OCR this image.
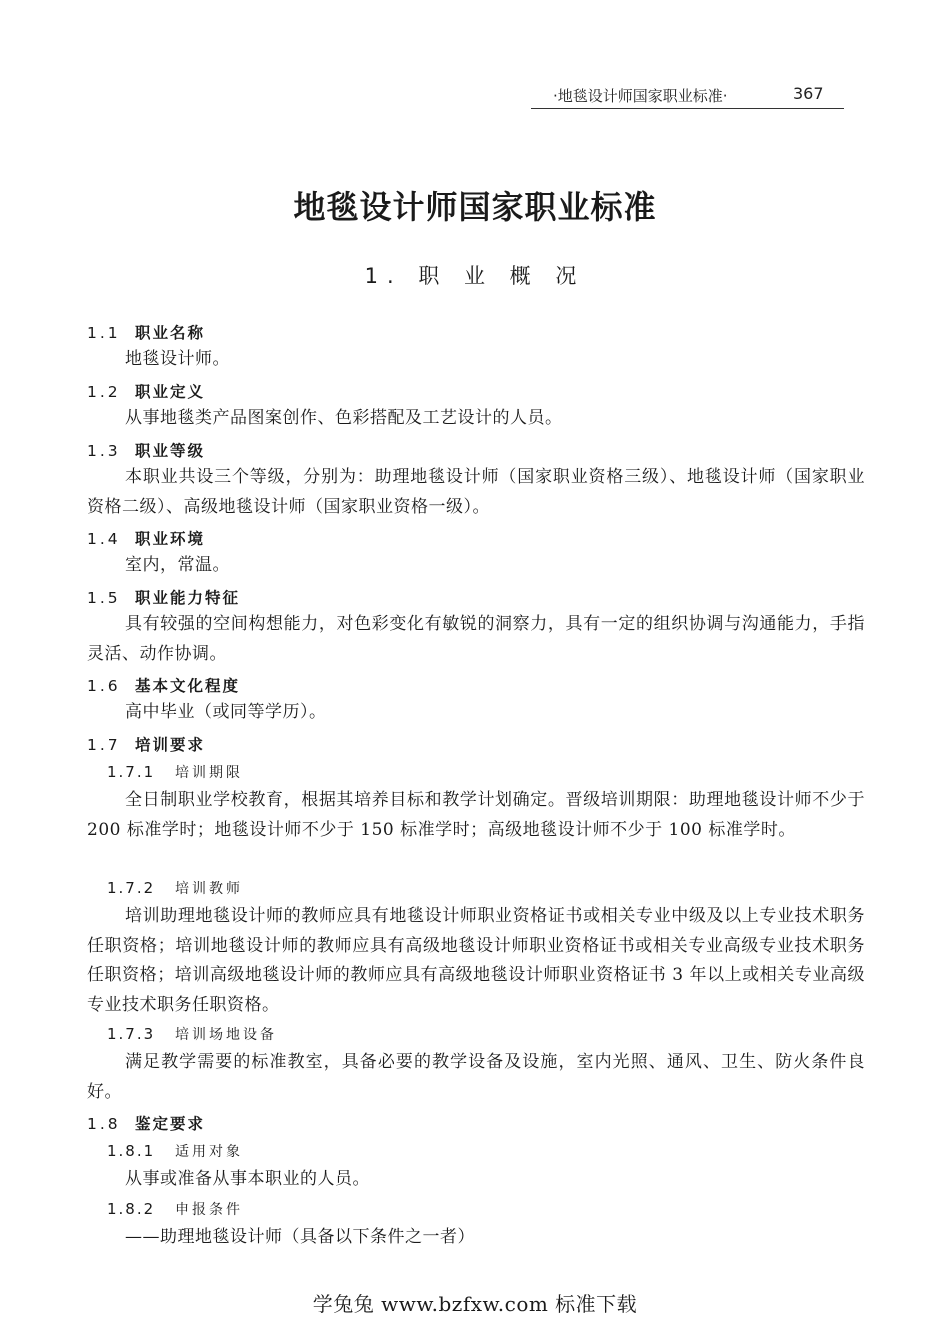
·地毯设计师国家职业标准·	367
地毯设计师国家职业标准
1. 职 业 概 况
1.1 职业名称
地毯设计师。
1.2 职业定义
从事地毯类产品图案创作、色彩搭配及工艺设计的人员。
1.3 职业等级
本职业共设三个等级，分别为：助理地毯设计师（国家职业资格三级）、地毯设计师（国家职业资格二级）、高级地毯设计师（国家职业资格一级）。
1.4 职业环境
室内，常温。
1.5 职业能力特征
具有较强的空间构想能力，对色彩变化有敏锐的洞察力，具有一定的组织协调与沟通能力，手指灵活、动作协调。
1.6 基本文化程度
高中毕业（或同等学历）。
1.7 培训要求
1.7.1 培训期限
全日制职业学校教育，根据其培养目标和教学计划确定。晋级培训期限：助理地毯设计师不少于 200 标准学时；地毯设计师不少于 150 标准学时；高级地毯设计师不少于 100 标准学时。
1.7.2 培训教师
培训助理地毯设计师的教师应具有地毯设计师职业资格证书或相关专业中级及以上专业技术职务任职资格；培训地毯设计师的教师应具有高级地毯设计师职业资格证书或相关专业高级专业技术职务任职资格；培训高级地毯设计师的教师应具有高级地毯设计师职业资格证书 3 年以上或相关专业高级专业技术职务任职资格。
1.7.3 培训场地设备
满足教学需要的标准教室，具备必要的教学设备及设施，室内光照、通风、卫生、防火条件良好。
1.8 鉴定要求
1.8.1 适用对象
从事或准备从事本职业的人员。
1.8.2 申报条件
——助理地毯设计师（具备以下条件之一者）
学兔兔 www.bzfxw.com 标准下载
